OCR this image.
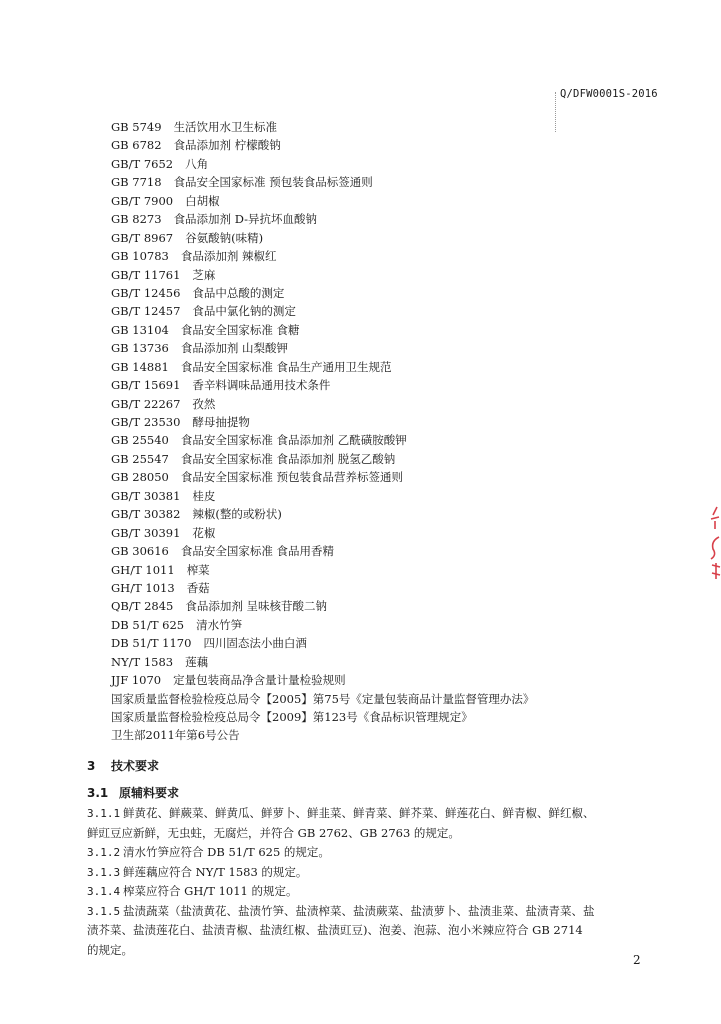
Q/DFW0001S-2016
GB 5749 生活饮用水卫生标准
GB 6782 食品添加剂 柠檬酸钠
GB/T 7652 八角
GB 7718 食品安全国家标准 预包装食品标签通则
GB/T 7900 白胡椒
GB 8273 食品添加剂 D-异抗坏血酸钠
GB/T 8967 谷氨酸钠(味精)
GB 10783 食品添加剂 辣椒红
GB/T 11761 芝麻
GB/T 12456 食品中总酸的测定
GB/T 12457 食品中氯化钠的测定
GB 13104 食品安全国家标准 食糖
GB 13736 食品添加剂 山梨酸钾
GB 14881 食品安全国家标准 食品生产通用卫生规范
GB/T 15691 香辛料调味品通用技术条件
GB/T 22267 孜然
GB/T 23530 酵母抽提物
GB 25540 食品安全国家标准 食品添加剂 乙酰磺胺酸钾
GB 25547 食品安全国家标准 食品添加剂 脱氢乙酸钠
GB 28050 食品安全国家标准 预包装食品营养标签通则
GB/T 30381 桂皮
GB/T 30382 辣椒(整的或粉状)
GB/T 30391 花椒
GB 30616 食品安全国家标准 食品用香精
GH/T 1011 榨菜
GH/T 1013 香菇
QB/T 2845 食品添加剂 呈味核苷酸二钠
DB 51/T 625 清水竹笋
DB 51/T 1170 四川固态法小曲白酒
NY/T 1583 莲藕
JJF 1070 定量包装商品净含量计量检验规则
国家质量监督检验检疫总局令【2005】第75号《定量包装商品计量监督管理办法》
国家质量监督检验检疫总局令【2009】第123号《食品标识管理规定》
卫生部2011年第6号公告
3 技术要求
3.1 原辅料要求
3.1.1 鲜黄花、鲜蕨菜、鲜黄瓜、鲜萝卜、鲜韭菜、鲜青菜、鲜芥菜、鲜莲花白、鲜青椒、鲜红椒、
鲜豇豆应新鲜，无虫蛀，无腐烂，并符合 GB 2762、GB 2763 的规定。
3.1.2 清水竹笋应符合 DB 51/T 625 的规定。
3.1.3 鲜莲藕应符合 NY/T 1583 的规定。
3.1.4 榨菜应符合 GH/T 1011 的规定。
3.1.5 盐渍蔬菜（盐渍黄花、盐渍竹笋、盐渍榨菜、盐渍蕨菜、盐渍萝卜、盐渍韭菜、盐渍青菜、盐
渍芥菜、盐渍莲花白、盐渍青椒、盐渍红椒、盐渍豇豆)、泡姜、泡蒜、泡小米辣应符合 GB 2714
的规定。
2
